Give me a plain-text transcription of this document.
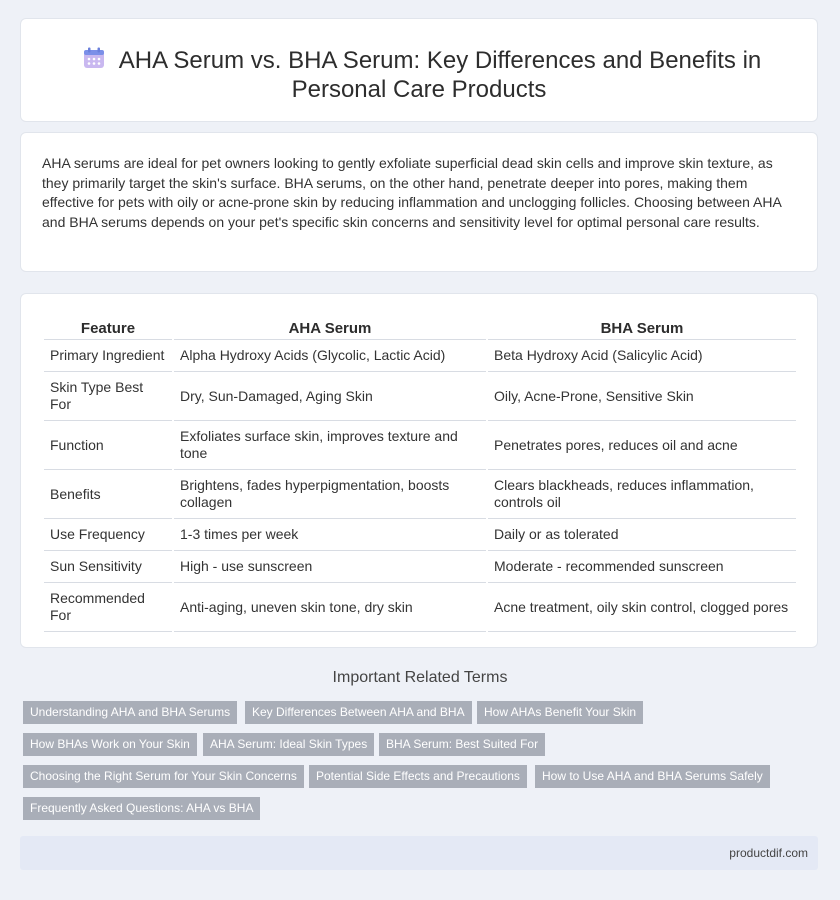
AHA Serum vs. BHA Serum: Key Differences and Benefits in
Personal Care Products
AHA serums are ideal for pet owners looking to gently exfoliate superficial dead skin cells and improve skin texture, as they primarily target the skin's surface. BHA serums, on the other hand, penetrate deeper into pores, making them effective for pets with oily or acne-prone skin by reducing inflammation and unclogging follicles. Choosing between AHA and BHA serums depends on your pet's specific skin concerns and sensitivity level for optimal personal care results.
Feature	AHA Serum	BHA Serum
Primary Ingredient	Alpha Hydroxy Acids (Glycolic, Lactic Acid)	Beta Hydroxy Acid (Salicylic Acid)
Skin Type Best For	Dry, Sun-Damaged, Aging Skin	Oily, Acne-Prone, Sensitive Skin
Function	Exfoliates surface skin, improves texture and tone	Penetrates pores, reduces oil and acne
Benefits	Brightens, fades hyperpigmentation, boosts collagen	Clears blackheads, reduces inflammation, controls oil
Use Frequency	1-3 times per week	Daily or as tolerated
Sun Sensitivity	High - use sunscreen	Moderate - recommended sunscreen
Recommended For	Anti-aging, uneven skin tone, dry skin	Acne treatment, oily skin control, clogged pores
Important Related Terms
Understanding AHA and BHA Serums	Key Differences Between AHA and BHA	How AHAs Benefit Your Skin
How BHAs Work on Your Skin	AHA Serum: Ideal Skin Types	BHA Serum: Best Suited For
Choosing the Right Serum for Your Skin Concerns	Potential Side Effects and Precautions	How to Use AHA and BHA Serums Safely
Frequently Asked Questions: AHA vs BHA
productdif.com
